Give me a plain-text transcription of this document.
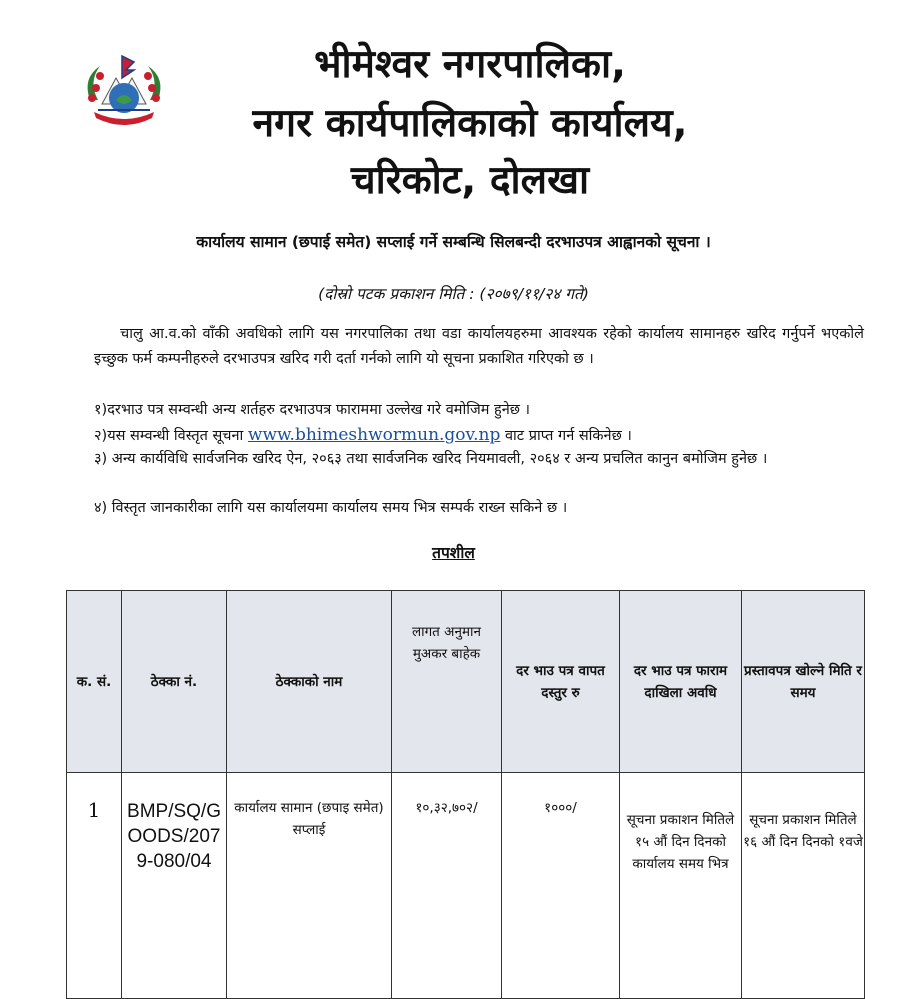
भीमेश्वर नगरपालिका,
नगर कार्यपालिकाको कार्यालय,
चरिकोट, दोलखा
कार्यालय सामान (छपाई समेत) सप्लाई गर्ने सम्बन्धि सिलबन्दी दरभाउपत्र आह्वानको सूचना ।
(दोस्रो पटक प्रकाशन मिति : (२०७९/११/२४ गते)
चालु आ.व.को वाँकी अवधिको लागि यस नगरपालिका तथा वडा कार्यालयहरुमा आवश्यक रहेको कार्यालय सामानहरु खरिद गर्नुपर्ने भएकोले इच्छुक फर्म कम्पनीहरुले दरभाउपत्र खरिद गरी दर्ता गर्नको लागि यो सूचना प्रकाशित गरिएको छ ।
१)दरभाउ पत्र सम्वन्धी अन्य शर्तहरु दरभाउपत्र फाराममा उल्लेख गरे वमोजिम हुनेछ ।
२)यस सम्वन्धी विस्तृत सूचना www.bhimeshwormun.gov.np वाट प्राप्त गर्न सकिनेछ ।
३) अन्य कार्यविधि सार्वजनिक खरिद ऐन, २०६३ तथा सार्वजनिक खरिद नियमावली, २०६४ र अन्य प्रचलित कानुन बमोजिम हुनेछ ।
४) विस्तृत जानकारीका लागि यस कार्यालयमा कार्यालय समय भित्र सम्पर्क राख्न सकिने छ ।
तपशील
क. सं.	ठेक्का नं.	ठेक्काको नाम	लागत अनुमान मुअकर बाहेक	दर भाउ पत्र वापत दस्तुर रु	दर भाउ पत्र फाराम दाखिला अवधि	प्रस्तावपत्र खोल्ने मिति र समय
1	BMP/SQ/GOODS/2079-080/04	कार्यालय सामान (छपाइ समेत) सप्लाई	१०,३२,७०२/	१०००/	सूचना प्रकाशन मितिले १५ औं दिन दिनको कार्यालय समय भित्र	सूचना प्रकाशन मितिले १६ औं दिन दिनको १वजे
